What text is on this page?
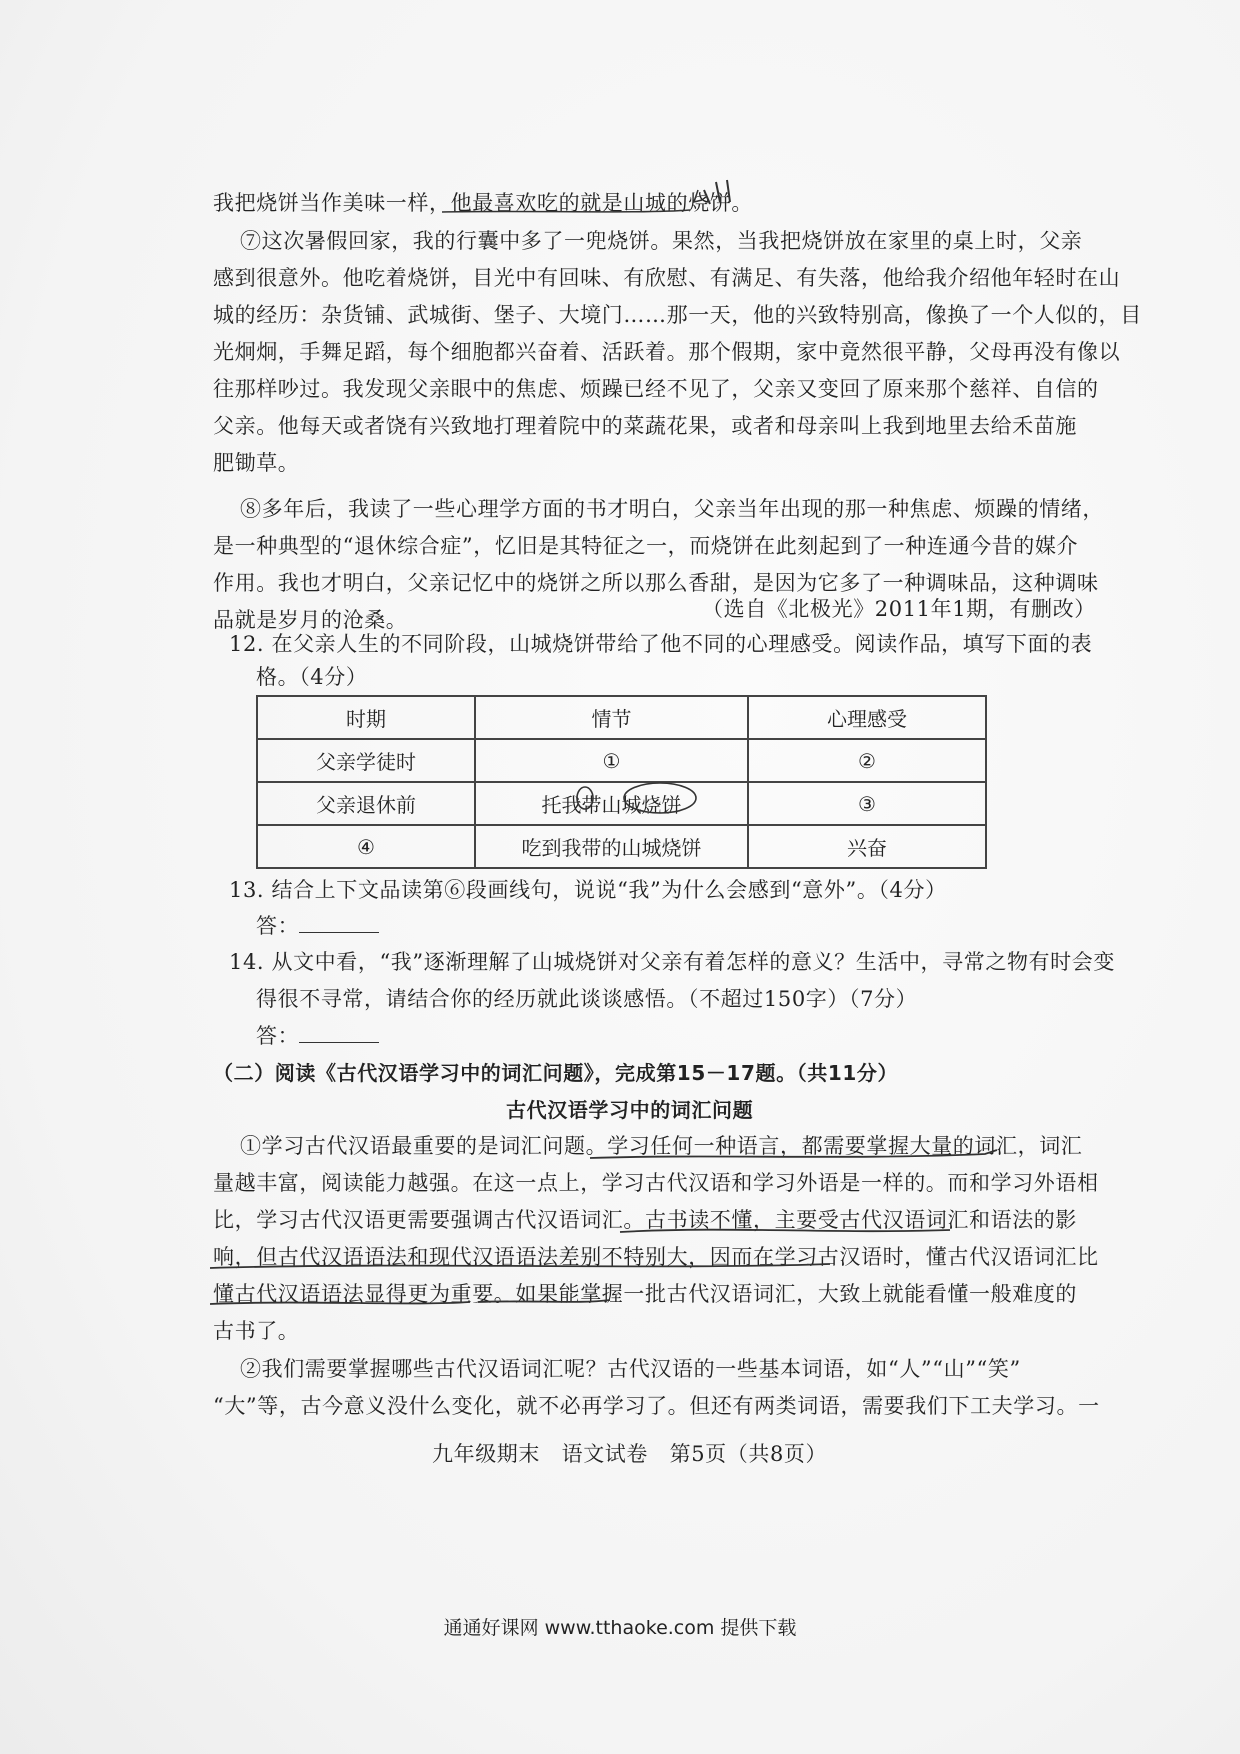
我把烧饼当作美味一样，他最喜欢吃的就是山城的烧饼。
⑦这次暑假回家，我的行囊中多了一兜烧饼。果然，当我把烧饼放在家里的桌上时，父亲
感到很意外。他吃着烧饼，目光中有回味、有欣慰、有满足、有失落，他给我介绍他年轻时在山
城的经历：杂货铺、武城街、堡子、大境门……那一天，他的兴致特别高，像换了一个人似的，目
光炯炯，手舞足蹈，每个细胞都兴奋着、活跃着。那个假期，家中竟然很平静，父母再没有像以
往那样吵过。我发现父亲眼中的焦虑、烦躁已经不见了，父亲又变回了原来那个慈祥、自信的
父亲。他每天或者饶有兴致地打理着院中的菜蔬花果，或者和母亲叫上我到地里去给禾苗施
肥锄草。
⑧多年后，我读了一些心理学方面的书才明白，父亲当年出现的那一种焦虑、烦躁的情绪，
是一种典型的“退休综合症”，忆旧是其特征之一，而烧饼在此刻起到了一种连通今昔的媒介
作用。我也才明白，父亲记忆中的烧饼之所以那么香甜，是因为它多了一种调味品，这种调味
品就是岁月的沧桑。	（选自《北极光》2011年1期，有删改）
12. 在父亲人生的不同阶段，山城烧饼带给了他不同的心理感受。阅读作品，填写下面的表
格。（4分）
时期	情节	心理感受
父亲学徒时	①	②
父亲退休前	托我带山城烧饼	③
④	吃到我带的山城烧饼	兴奋
13. 结合上下文品读第⑥段画线句，说说“我”为什么会感到“意外”。（4分）
答：
14. 从文中看，“我”逐渐理解了山城烧饼对父亲有着怎样的意义？生活中，寻常之物有时会变
得很不寻常，请结合你的经历就此谈谈感悟。（不超过150字）（7分）
答：
（二）阅读《古代汉语学习中的词汇问题》，完成第15－17题。（共11分）
古代汉语学习中的词汇问题
①学习古代汉语最重要的是词汇问题。学习任何一种语言，都需要掌握大量的词汇，词汇
量越丰富，阅读能力越强。在这一点上，学习古代汉语和学习外语是一样的。而和学习外语相
比，学习古代汉语更需要强调古代汉语词汇。古书读不懂，主要受古代汉语词汇和语法的影
响，但古代汉语语法和现代汉语语法差别不特别大，因而在学习古汉语时，懂古代汉语词汇比
懂古代汉语语法显得更为重要。如果能掌握一批古代汉语词汇，大致上就能看懂一般难度的
古书了。
②我们需要掌握哪些古代汉语词汇呢？古代汉语的一些基本词语，如“人”“山”“笑”
“大”等，古今意义没什么变化，就不必再学习了。但还有两类词语，需要我们下工夫学习。一
九年级期末　语文试卷　第5页（共8页）
通通好课网 www.tthaoke.com 提供下载
